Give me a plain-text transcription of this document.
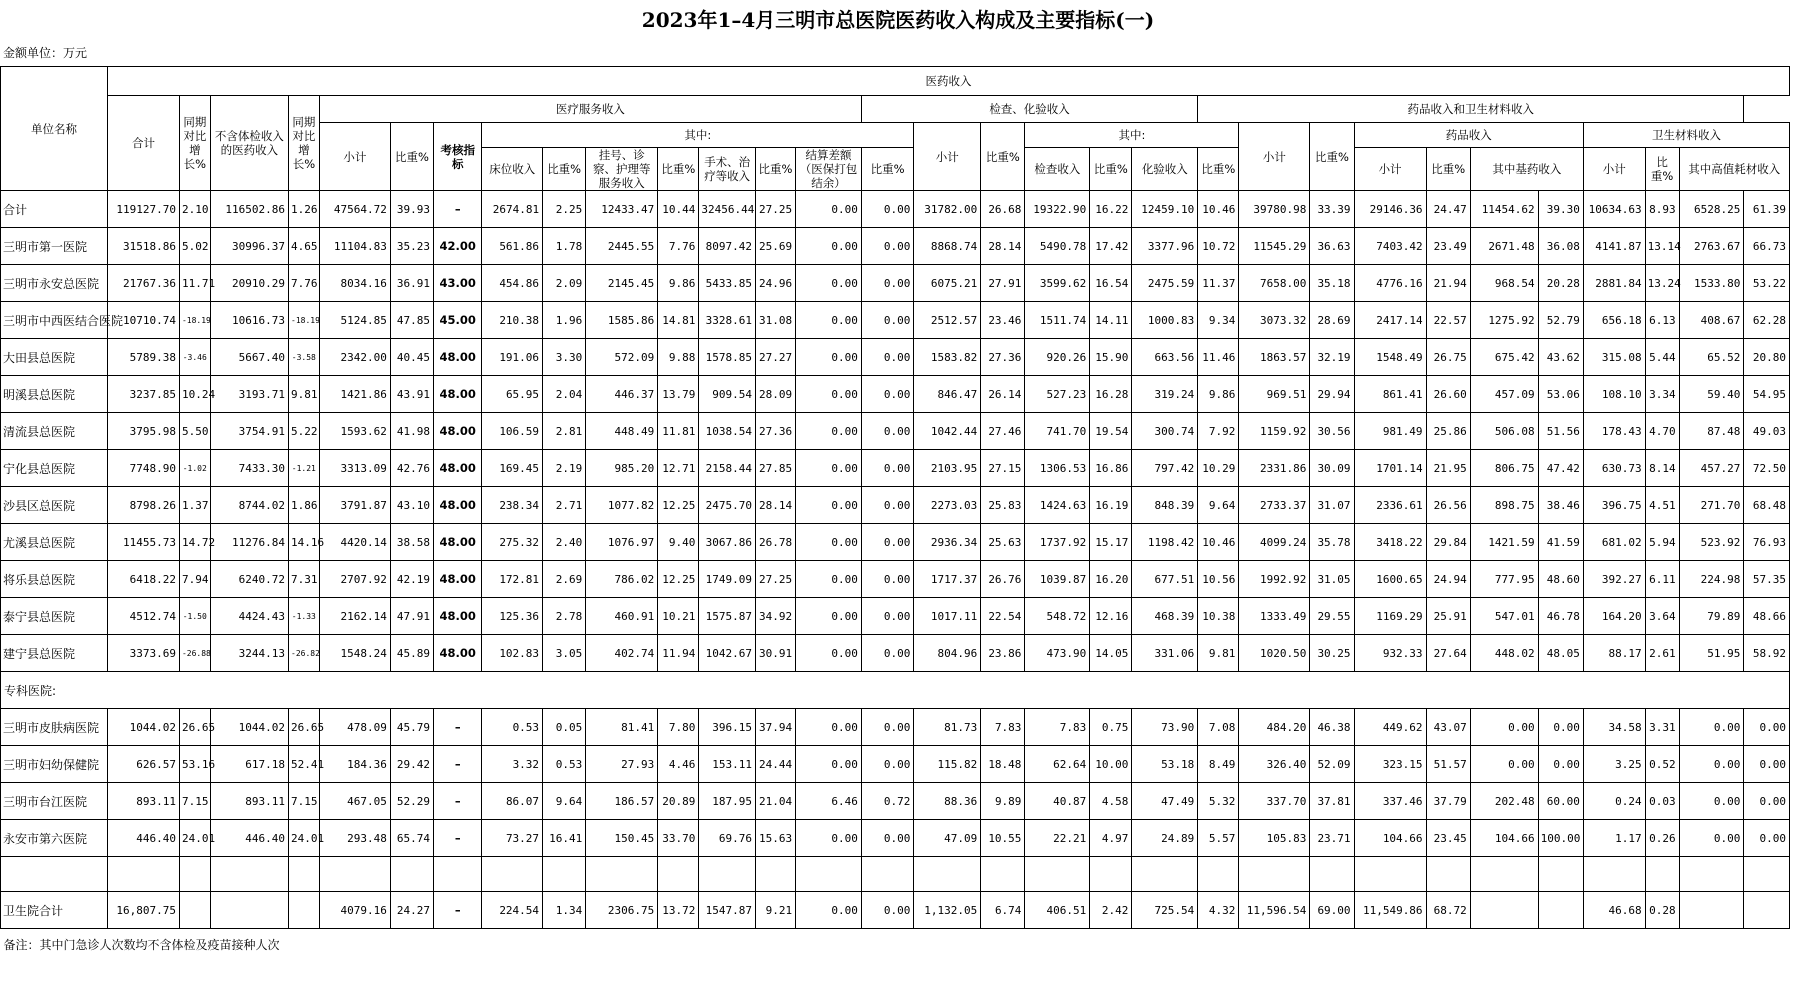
2023年1–4月三明市总医院医药收入构成及主要指标(一)
金额单位：万元
单位名称	医药收入																														
	合计	同期对比增长%	不含体检收入的医药收入	同期对比增长%	医疗服务收入										检查、化验收入						药品收入和卫生材料收入										
					小计	比重%	考核指标	其中:								小计	比重%	其中:				小计	比重%	药品收入				卫生材料收入			
								床位收入	比重%	挂号、诊察、护理等服务收入	比重%	手术、治疗等收入	比重%	结算差额（医保打包结余）	比重%			检查收入	比重%	化验收入	比重%			小计	比重%	其中基药收入		小计	比重%	其中高值耗材收入	
合计	119127.70	2.10	116502.86	1.26	47564.72	39.93	–	2674.81	2.25	12433.47	10.44	32456.44	27.25	0.00	0.00	31782.00	26.68	19322.90	16.22	12459.10	10.46	39780.98	33.39	29146.36	24.47	11454.62	39.30	10634.63	8.93	6528.25	61.39
三明市第一医院	31518.86	5.02	30996.37	4.65	11104.83	35.23	42.00	561.86	1.78	2445.55	7.76	8097.42	25.69	0.00	0.00	8868.74	28.14	5490.78	17.42	3377.96	10.72	11545.29	36.63	7403.42	23.49	2671.48	36.08	4141.87	13.14	2763.67	66.73
三明市永安总医院	21767.36	11.71	20910.29	7.76	8034.16	36.91	43.00	454.86	2.09	2145.45	9.86	5433.85	24.96	0.00	0.00	6075.21	27.91	3599.62	16.54	2475.59	11.37	7658.00	35.18	4776.16	21.94	968.54	20.28	2881.84	13.24	1533.80	53.22
三明市中西医结合医院	10710.74	-18.19	10616.73	-18.19	5124.85	47.85	45.00	210.38	1.96	1585.86	14.81	3328.61	31.08	0.00	0.00	2512.57	23.46	1511.74	14.11	1000.83	9.34	3073.32	28.69	2417.14	22.57	1275.92	52.79	656.18	6.13	408.67	62.28
大田县总医院	5789.38	-3.46	5667.40	-3.58	2342.00	40.45	48.00	191.06	3.30	572.09	9.88	1578.85	27.27	0.00	0.00	1583.82	27.36	920.26	15.90	663.56	11.46	1863.57	32.19	1548.49	26.75	675.42	43.62	315.08	5.44	65.52	20.80
明溪县总医院	3237.85	10.24	3193.71	9.81	1421.86	43.91	48.00	65.95	2.04	446.37	13.79	909.54	28.09	0.00	0.00	846.47	26.14	527.23	16.28	319.24	9.86	969.51	29.94	861.41	26.60	457.09	53.06	108.10	3.34	59.40	54.95
清流县总医院	3795.98	5.50	3754.91	5.22	1593.62	41.98	48.00	106.59	2.81	448.49	11.81	1038.54	27.36	0.00	0.00	1042.44	27.46	741.70	19.54	300.74	7.92	1159.92	30.56	981.49	25.86	506.08	51.56	178.43	4.70	87.48	49.03
宁化县总医院	7748.90	-1.02	7433.30	-1.21	3313.09	42.76	48.00	169.45	2.19	985.20	12.71	2158.44	27.85	0.00	0.00	2103.95	27.15	1306.53	16.86	797.42	10.29	2331.86	30.09	1701.14	21.95	806.75	47.42	630.73	8.14	457.27	72.50
沙县区总医院	8798.26	1.37	8744.02	1.86	3791.87	43.10	48.00	238.34	2.71	1077.82	12.25	2475.70	28.14	0.00	0.00	2273.03	25.83	1424.63	16.19	848.39	9.64	2733.37	31.07	2336.61	26.56	898.75	38.46	396.75	4.51	271.70	68.48
尤溪县总医院	11455.73	14.72	11276.84	14.16	4420.14	38.58	48.00	275.32	2.40	1076.97	9.40	3067.86	26.78	0.00	0.00	2936.34	25.63	1737.92	15.17	1198.42	10.46	4099.24	35.78	3418.22	29.84	1421.59	41.59	681.02	5.94	523.92	76.93
将乐县总医院	6418.22	7.94	6240.72	7.31	2707.92	42.19	48.00	172.81	2.69	786.02	12.25	1749.09	27.25	0.00	0.00	1717.37	26.76	1039.87	16.20	677.51	10.56	1992.92	31.05	1600.65	24.94	777.95	48.60	392.27	6.11	224.98	57.35
泰宁县总医院	4512.74	-1.50	4424.43	-1.33	2162.14	47.91	48.00	125.36	2.78	460.91	10.21	1575.87	34.92	0.00	0.00	1017.11	22.54	548.72	12.16	468.39	10.38	1333.49	29.55	1169.29	25.91	547.01	46.78	164.20	3.64	79.89	48.66
建宁县总医院	3373.69	-26.88	3244.13	-26.82	1548.24	45.89	48.00	102.83	3.05	402.74	11.94	1042.67	30.91	0.00	0.00	804.96	23.86	473.90	14.05	331.06	9.81	1020.50	30.25	932.33	27.64	448.02	48.05	88.17	2.61	51.95	58.92
专科医院:																															
三明市皮肤病医院	1044.02	26.65	1044.02	26.65	478.09	45.79	–	0.53	0.05	81.41	7.80	396.15	37.94	0.00	0.00	81.73	7.83	7.83	0.75	73.90	7.08	484.20	46.38	449.62	43.07	0.00	0.00	34.58	3.31	0.00	0.00
三明市妇幼保健院	626.57	53.16	617.18	52.41	184.36	29.42	–	3.32	0.53	27.93	4.46	153.11	24.44	0.00	0.00	115.82	18.48	62.64	10.00	53.18	8.49	326.40	52.09	323.15	51.57	0.00	0.00	3.25	0.52	0.00	0.00
三明市台江医院	893.11	7.15	893.11	7.15	467.05	52.29	–	86.07	9.64	186.57	20.89	187.95	21.04	6.46	0.72	88.36	9.89	40.87	4.58	47.49	5.32	337.70	37.81	337.46	37.79	202.48	60.00	0.24	0.03	0.00	0.00
永安市第六医院	446.40	24.01	446.40	24.01	293.48	65.74	–	73.27	16.41	150.45	33.70	69.76	15.63	0.00	0.00	47.09	10.55	22.21	4.97	24.89	5.57	105.83	23.71	104.66	23.45	104.66	100.00	1.17	0.26	0.00	0.00

卫生院合计	16,807.75				4079.16	24.27	–	224.54	1.34	2306.75	13.72	1547.87	9.21	0.00	0.00	1,132.05	6.74	406.51	2.42	725.54	4.32	11,596.54	69.00	11,549.86	68.72			46.68	0.28		
备注：其中门急诊人次数均不含体检及疫苗接种人次																															
